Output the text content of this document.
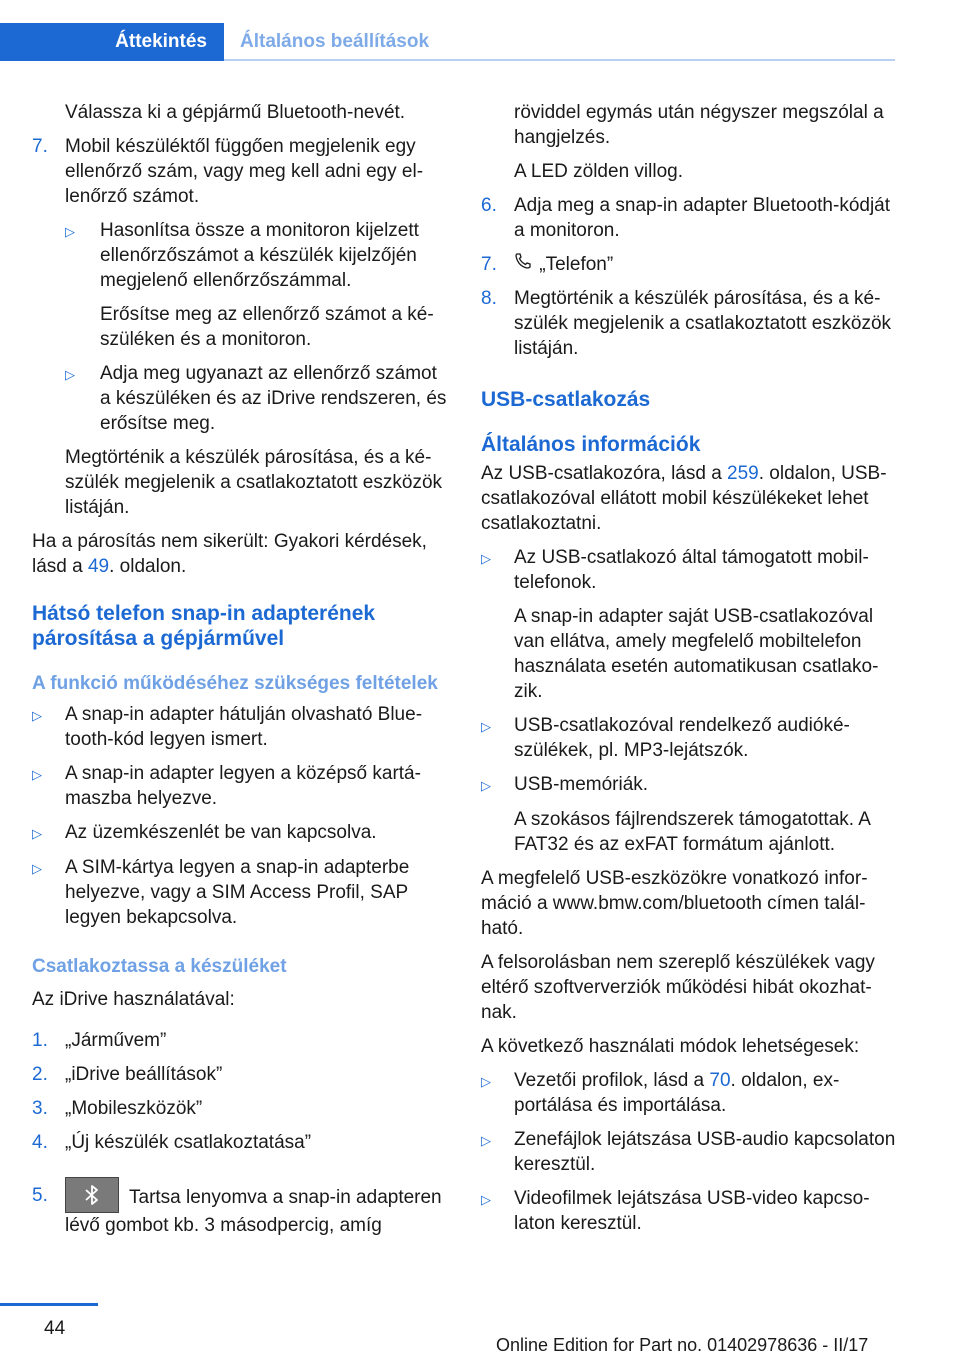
Áttekintés	Általános beállítások

Válassza ki a gépjármű Bluetooth-nevét.

7. Mobil készüléktől függően megjelenik egy ellenőrző szám, vagy meg kell adni egy ellenőrző számot.
▷	Hasonlítsa össze a monitoron kijelzett ellenőrzőszámot a készülék kijelzőjén megjelenő ellenőrzőszámmal.

Erősítse meg az ellenőrző számot a készüléken és a monitoron.

▷	Adja meg ugyanazt az ellenőrző számot a készüléken és az iDrive rendszeren, és erősítse meg.

Megtörténik a készülék párosítása, és a készülék megjelenik a csatlakoztatott eszközök listáján.

Ha a párosítás nem sikerült: Gyakori kérdések, lásd a 49. oldalon.

Hátsó telefon snap-in adapterének párosítása a gépjárművel
A funkció működéséhez szükséges feltételek
▷	A snap-in adapter hátulján olvasható Bluetooth-kód legyen ismert.
▷	A snap-in adapter legyen a középső kartámaszba helyezve.
▷	Az üzemkészenlét be van kapcsolva.
▷	A SIM-kártya legyen a snap-in adapterbe helyezve, vagy a SIM Access Profil, SAP legyen bekapcsolva.
Csatlakoztassa a készüléket

Az iDrive használatával:

1. „Járművem”
2. „iDrive beállítások”
3. „Mobileszközök”
4. „Új készülék csatlakoztatása”
5.	Tartsa lenyomva a snap-in adapteren lévő gombot kb. 3 másodpercig, amíg

röviddel egymás után négyszer megszólal a hangjelzés.

A LED zölden villog.

6. Adja meg a snap-in adapter Bluetooth-kódját a monitoron.
7.	„Telefon”
8. Megtörténik a készülék párosítása, és a készülék megjelenik a csatlakoztatott eszközök listáján.
USB-csatlakozás
Általános információk

Az USB-csatlakozóra, lásd a 259. oldalon, USB-csatlakozóval ellátott mobil készülékeket lehet csatlakoztatni.

▷	Az USB-csatlakozó által támogatott mobiltelefonok.

A snap-in adapter saját USB-csatlakozóval van ellátva, amely megfelelő mobiltelefon használata esetén automatikusan csatlakozik.

▷	USB-csatlakozóval rendelkező audiókészülékek, pl. MP3-lejátszók.
▷	USB-memóriák.

A szokásos fájlrendszerek támogatottak. A FAT32 és az exFAT formátum ajánlott.

A megfelelő USB-eszközökre vonatkozó információ a www.bmw.com/bluetooth címen található.

A felsorolásban nem szereplő készülékek vagy eltérő szoftververziók működési hibát okozhatnak.

A következő használati módok lehetségesek:

▷	Vezetői profilok, lásd a 70. oldalon, exportálása és importálása.
▷	Zenefájlok lejátszása USB-audio kapcsolaton keresztül.
▷	Videofilmek lejátszása USB-video kapcsolaton keresztül.
44
Online Edition for Part no. 01402978636 - II/17
